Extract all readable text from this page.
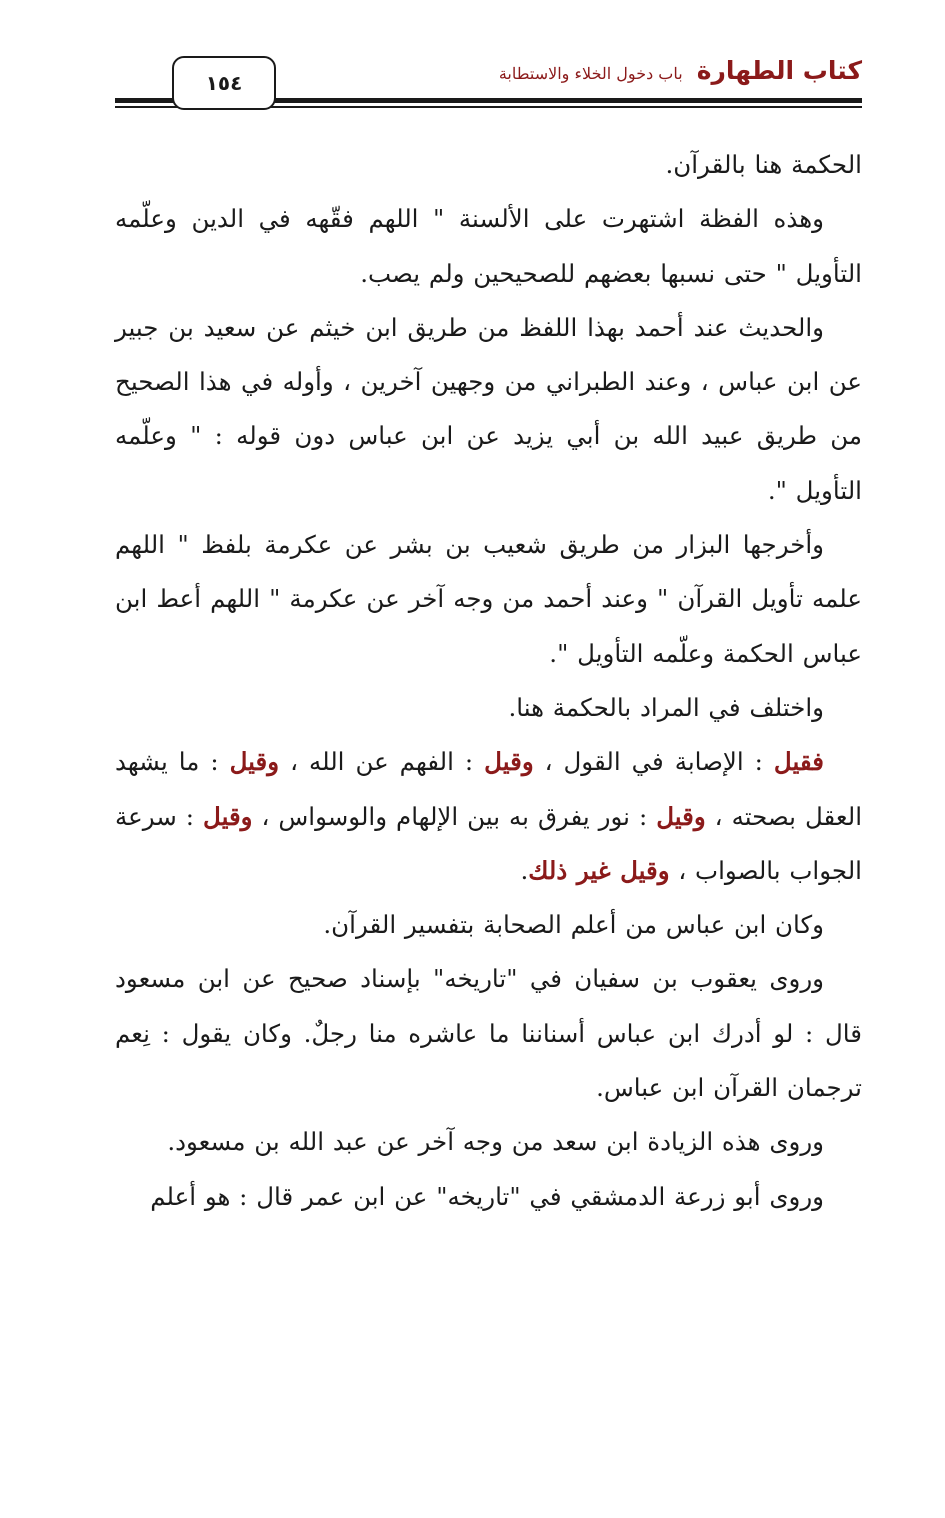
كتاب الطهارة
باب دخول الخلاء والاستطابة
١٥٤

الحكمة هنا بالقرآن.

وهذه الفظة اشتهرت على الألسنة " اللهم فقّهه في الدين وعلّمه التأويل " حتى نسبها بعضهم للصحيحين ولم يصب.

والحديث عند أحمد بهذا اللفظ من طريق ابن خيثم عن سعيد بن جبير عن ابن عباس ، وعند الطبراني من وجهين آخرين ، وأوله في هذا الصحيح من طريق عبيد الله بن أبي يزيد عن ابن عباس دون قوله : " وعلّمه التأويل ".

وأخرجها البزار من طريق شعيب بن بشر عن عكرمة بلفظ " اللهم علمه تأويل القرآن " وعند أحمد من وجه آخر عن عكرمة " اللهم أعط ابن عباس الحكمة وعلّمه التأويل ".

واختلف في المراد بالحكمة هنا.

فقيل : الإصابة في القول ، وقيل : الفهم عن الله ، وقيل : ما يشهد العقل بصحته ، وقيل : نور يفرق به بين الإلهام والوسواس ، وقيل : سرعة الجواب بالصواب ، وقيل غير ذلك.

وكان ابن عباس من أعلم الصحابة بتفسير القرآن.

وروى يعقوب بن سفيان في "تاريخه" بإسناد صحيح عن ابن مسعود قال : لو أدرك ابن عباس أسناننا ما عاشره منا رجلٌ. وكان يقول : نِعم ترجمان القرآن ابن عباس.

وروى هذه الزيادة ابن سعد من وجه آخر عن عبد الله بن مسعود.

وروى أبو زرعة الدمشقي في "تاريخه" عن ابن عمر قال : هو أعلم
